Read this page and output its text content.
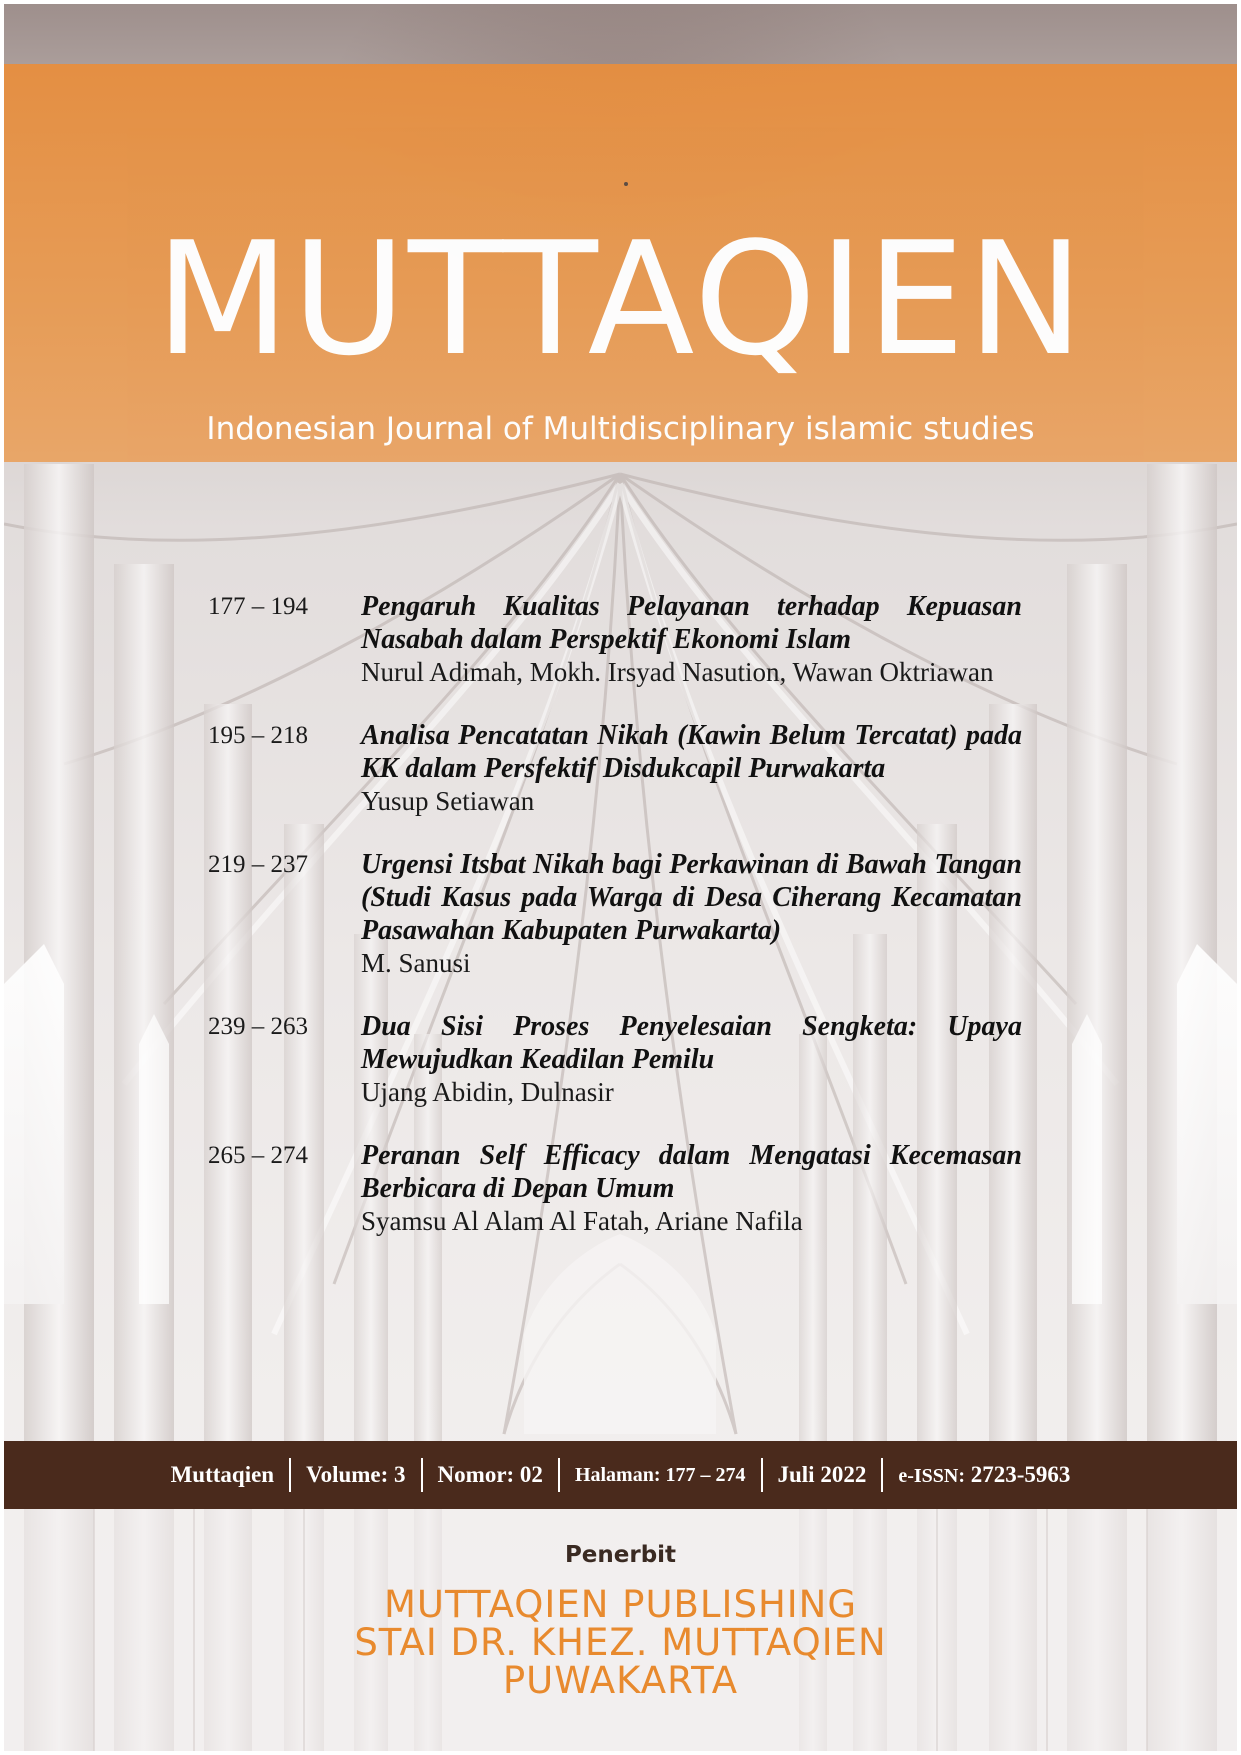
MUTTAQIEN
Indonesian Journal of Multidisciplinary islamic studies
177 – 194	Pengaruh Kualitas Pelayanan terhadap Kepuasan Nasabah dalam Perspektif Ekonomi Islam
Nurul Adimah, Mokh. Irsyad Nasution, Wawan Oktriawan
195 – 218	Analisa Pencatatan Nikah (Kawin Belum Tercatat) pada KK dalam Persfektif Disdukcapil Purwakarta
Yusup Setiawan
219 – 237	Urgensi Itsbat Nikah bagi Perkawinan di Bawah Tangan (Studi Kasus pada Warga di Desa Ciherang Kecamatan Pasawahan Kabupaten Purwakarta)
M. Sanusi
239 – 263	Dua Sisi Proses Penyelesaian Sengketa: Upaya Mewujudkan Keadilan Pemilu
Ujang Abidin, Dulnasir
265 – 274	Peranan Self Efficacy dalam Mengatasi Kecemasan Berbicara di Depan Umum
Syamsu Al Alam Al Fatah, Ariane Nafila
Muttaqien	Volume: 3	Nomor: 02	Halaman: 177 – 274	Juli 2022	e-ISSN: 2723-5963
Penerbit
MUTTAQIEN PUBLISHING
STAI DR. KHEZ. MUTTAQIEN
PUWAKARTA
